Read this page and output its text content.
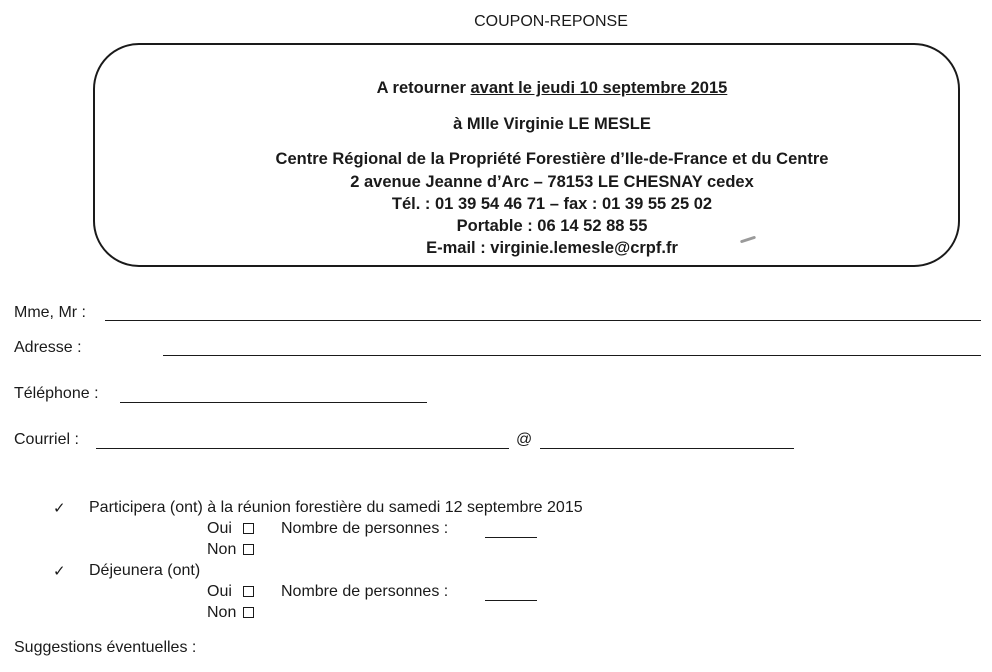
COUPON-REPONSE
A retourner avant le jeudi 10 septembre 2015
à Mlle Virginie LE MESLE
Centre Régional de la Propriété Forestière d’Ile-de-France et du Centre
2 avenue Jeanne d’Arc – 78153 LE CHESNAY cedex
Tél. : 01 39 54 46 71 – fax : 01 39 55 25 02
Portable : 06 14 52 88 55
E-mail : virginie.lemesle@crpf.fr
Mme, Mr :
Adresse :
Téléphone :
Courriel :	@
✓ Participera (ont) à la réunion forestière du samedi 12 septembre 2015
Oui	Nombre de personnes :
Non
✓ Déjeunera (ont)
Oui	Nombre de personnes :
Non
Suggestions éventuelles :
